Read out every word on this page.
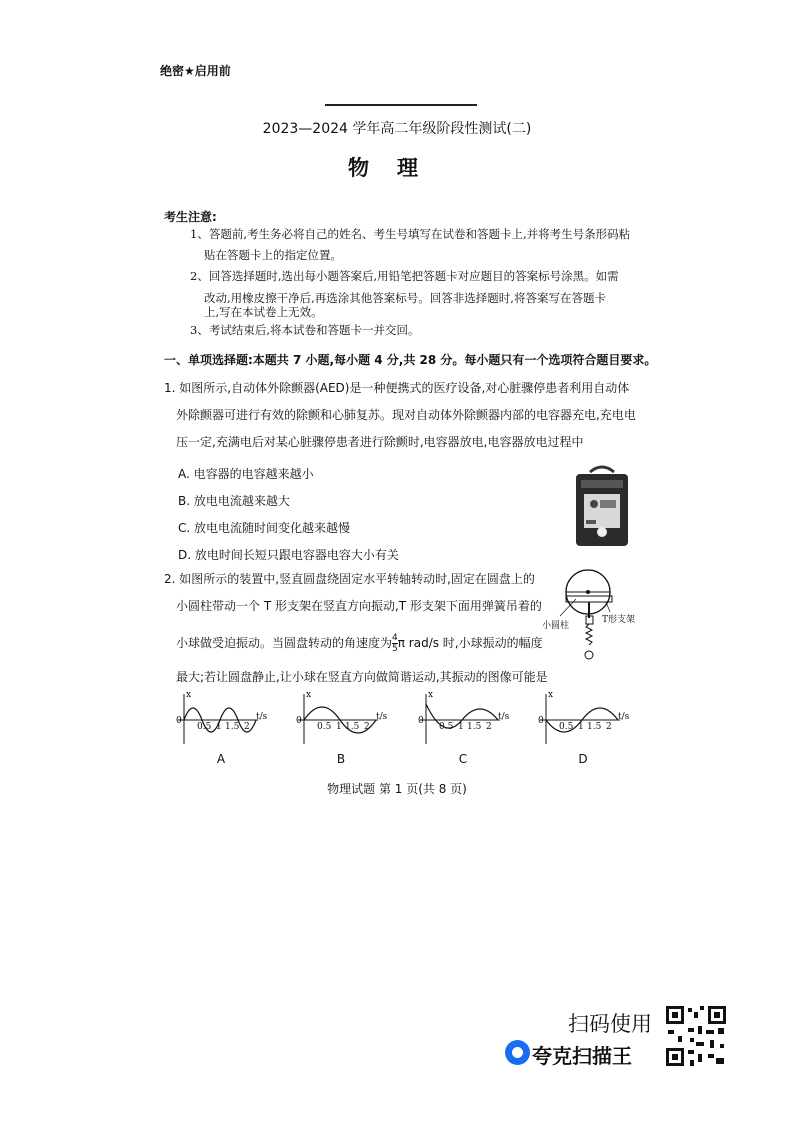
绝密★启用前
2023—2024 学年高二年级阶段性测试(二)
物理
考生注意:
1、答题前,考生务必将自己的姓名、考生号填写在试卷和答题卡上,并将考生号条形码粘
贴在答题卡上的指定位置。
2、回答选择题时,选出每小题答案后,用铅笔把答题卡对应题目的答案标号涂黑。如需
改动,用橡皮擦干净后,再选涂其他答案标号。回答非选择题时,将答案写在答题卡
上,写在本试卷上无效。
3、考试结束后,将本试卷和答题卡一并交回。
一、单项选择题:本题共 7 小题,每小题 4 分,共 28 分。每小题只有一个选项符合题目要求。
1. 如图所示,自动体外除颤器(AED)是一种便携式的医疗设备,对心脏骤停患者利用自动体
外除颤器可进行有效的除颤和心肺复苏。现对自动体外除颤器内部的电容器充电,充电电
压一定,充满电后对某心脏骤停患者进行除颤时,电容器放电,电容器放电过程中
A. 电容器的电容越来越小
B. 放电电流越来越大
C. 放电电流随时间变化越来越慢
D. 放电时间长短只跟电容器电容大小有关
2. 如图所示的装置中,竖直圆盘绕固定水平转轴转动时,固定在圆盘上的
小圆柱带动一个 T 形支架在竖直方向振动,T 形支架下面用弹簧吊着的
小球做受迫振动。当圆盘转动的角速度为 $\frac{4}{5}$ π rad/s 时,小球振动的幅度
最大;若让圆盘静止,让小球在竖直方向做简谐运动,其振动的图像可能是
小圆柱
T形支架
x
0	t/s
0.5 1 1.5 2
x
0	t/s
0.5 1 1.5 2
x
0	t/s
0.5 1 1.5 2
x
0	t/s
0.5 1 1.5 2
A	B	C	D
物理试题 第 1 页(共 8 页)
扫码使用
夸克扫描王
